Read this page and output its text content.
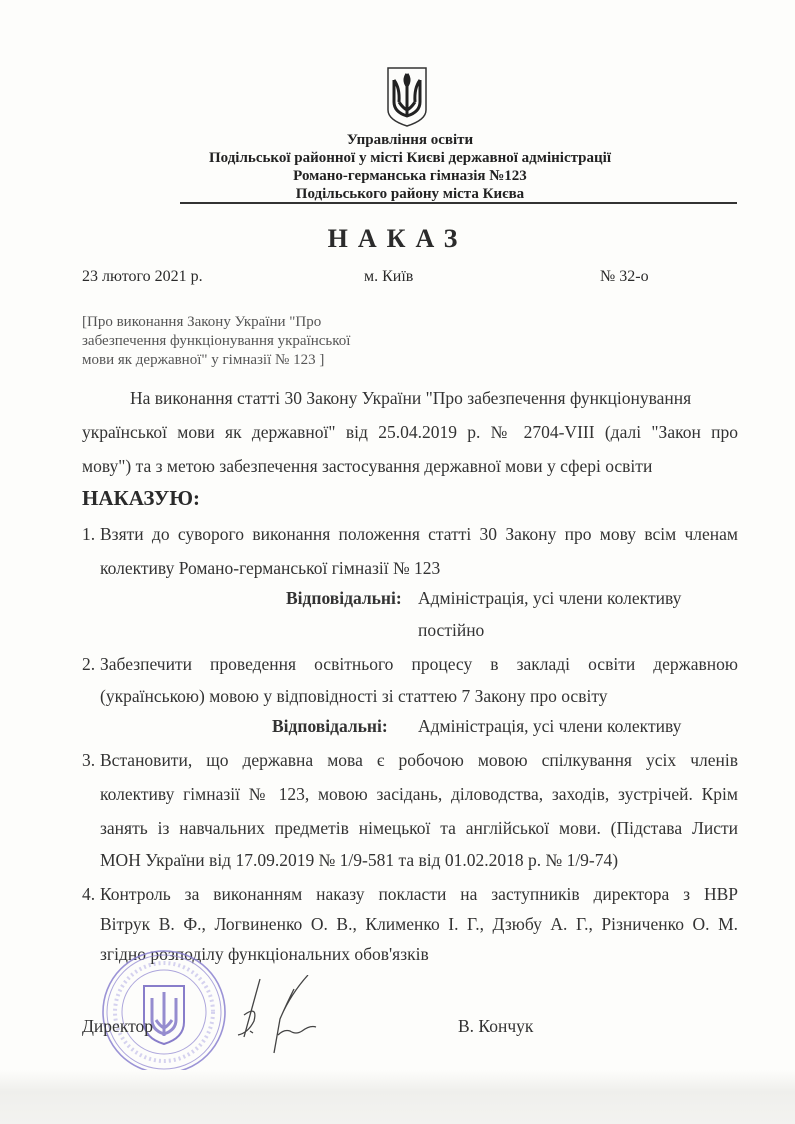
Управління освіти
Подільської районної у місті Києві державної адміністрації
Романо-германська гімназія №123
Подільського району міста Києва
НАКАЗ
23 лютого 2021 р.	м. Київ	№ 32-о
[Про виконання Закону України "Про
забезпечення функціонування української
мови як державної" у гімназії № 123 ]
На виконання статті 30 Закону України "Про забезпечення функціонування
української мови як державної" від 25.04.2019 р. № 2704-VIII (далі "Закон про
мову") та з метою забезпечення застосування державної мови у сфері освіти
НАКАЗУЮ:
1. Взяти до суворого виконання положення статті 30 Закону про мову всім членам
колективу Романо-германської гімназії № 123
Відповідальні: Адміністрація, усі члени колективу
постійно
2. Забезпечити проведення освітнього процесу в закладі освіти державною
(українською) мовою у відповідності зі статтею 7 Закону про освіту
Відповідальні: Адміністрація, усі члени колективу
3. Встановити, що державна мова є робочою мовою спілкування усіх членів
колективу гімназії № 123, мовою засідань, діловодства, заходів, зустрічей. Крім
занять із навчальних предметів німецької та англійської мови. (Підстава Листи
МОН України від 17.09.2019 № 1/9-581 та від 01.02.2018 р. № 1/9-74)
4. Контроль за виконанням наказу покласти на заступників директора з НВР
Вітрук В. Ф., Логвиненко О. В., Клименко І. Г., Дзюбу А. Г., Різниченко О. М.
згідно розподілу функціональних обов'язків
Директор	В. Кончук
